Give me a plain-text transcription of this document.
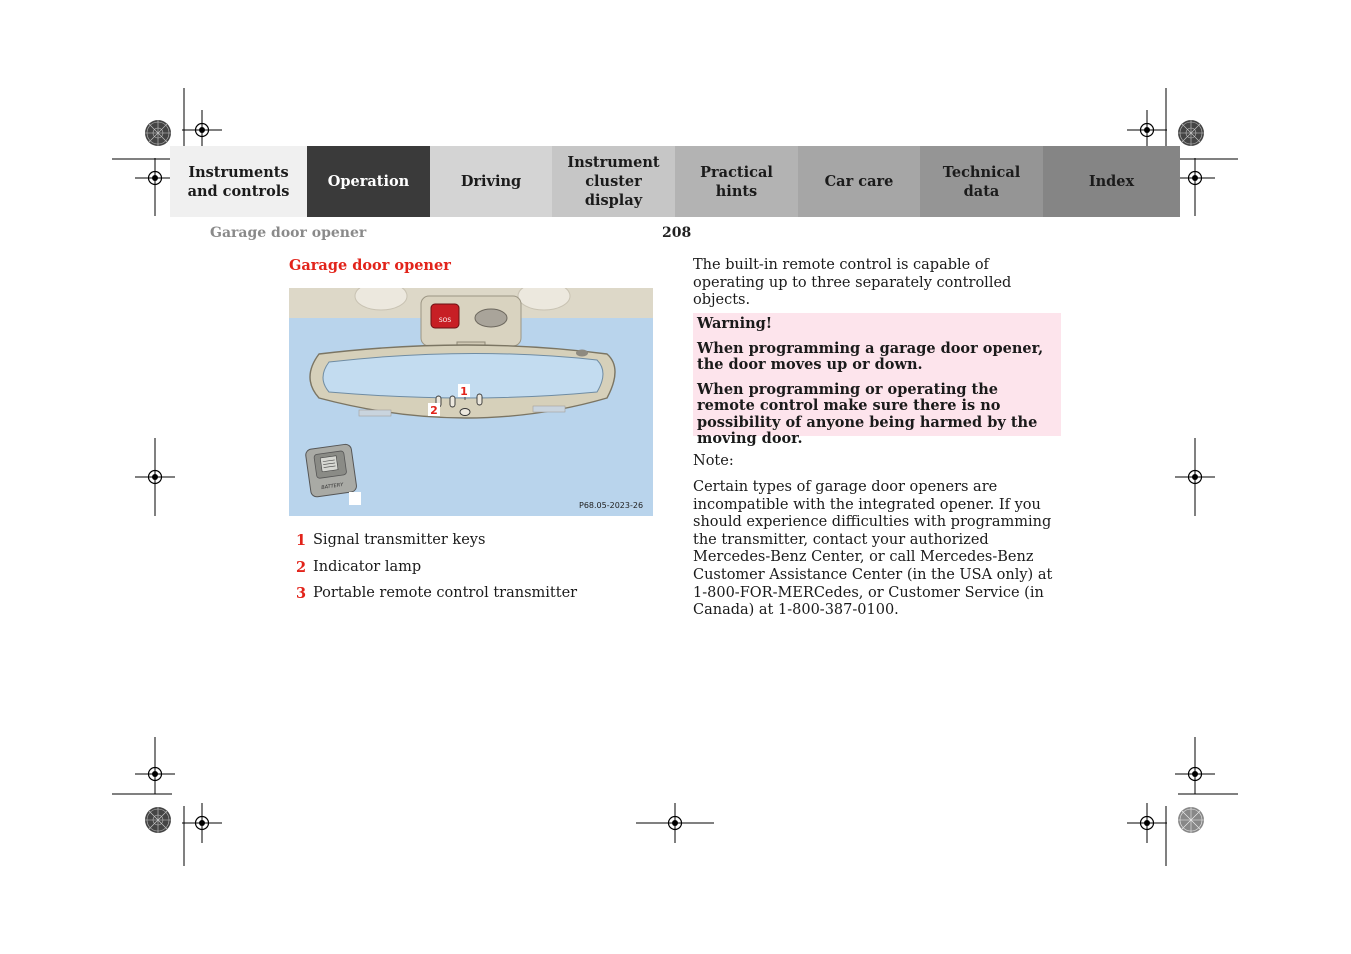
Instruments
and controls
Operation	Driving
Instrument
cluster display
Practical hints
Car care
Technical
data
Index
Garage door opener	208
Garage door opener
SOS
1
2
BATTERY
P68.05-2023-26
1 Signal transmitter keys
2 Indicator lamp
3 Portable remote control transmitter
The built-in remote control is capable of operating up to three separately controlled objects.

Warning!

When programming a garage door opener, the door moves up or down.

When programming or operating the remote control make sure there is no possibility of anyone being harmed by the moving door.

Note:
Certain types of garage door openers are incompatible with the integrated opener. If you should experience difficulties with programming the transmitter, contact your authorized Mercedes-Benz Center, or call Mercedes-Benz Customer Assistance Center (in the USA only) at 1-800-FOR-MERCedes, or Customer Service (in Canada) at 1-800-387-0100.
